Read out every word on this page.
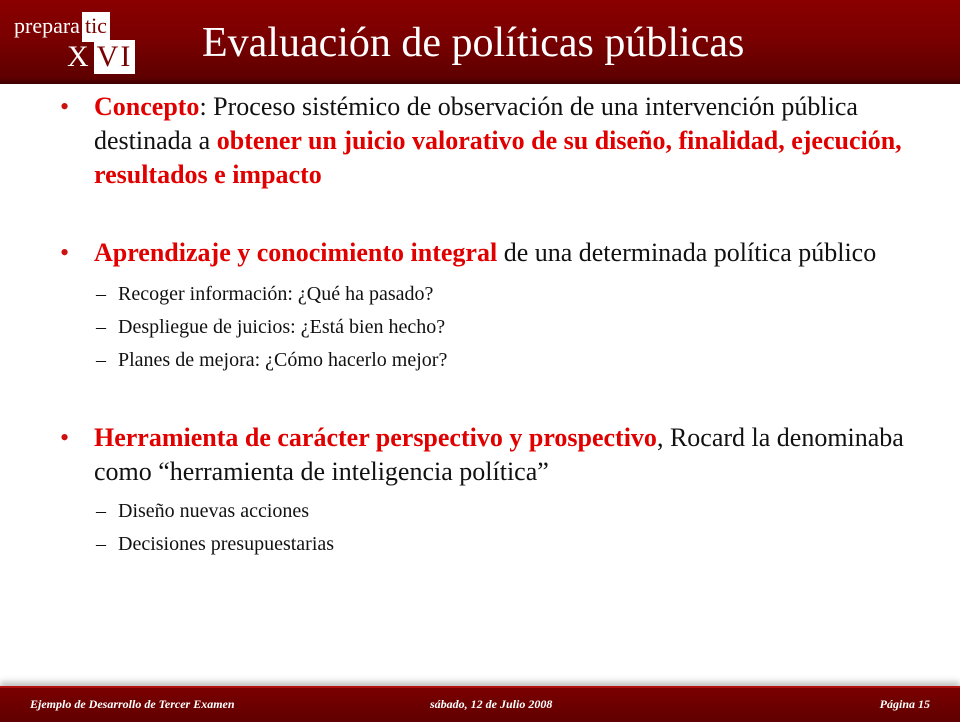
prepara tic
X VI Evaluación de políticas públicas
• Concepto: Proceso sistémico de observación de una intervención pública destinada a obtener un juicio valorativo de su diseño, finalidad, ejecución, resultados e impacto
• Aprendizaje y conocimiento integral de una determinada política público
– Recoger información: ¿Qué ha pasado?
– Despliegue de juicios: ¿Está bien hecho?
– Planes de mejora: ¿Cómo hacerlo mejor?
• Herramienta de carácter perspectivo y prospectivo, Rocard la denominaba como “herramienta de inteligencia política”
– Diseño nuevas acciones
– Decisiones presupuestarias
Ejemplo de Desarrollo de Tercer Examen	sábado, 12 de Julio 2008	Página 15
